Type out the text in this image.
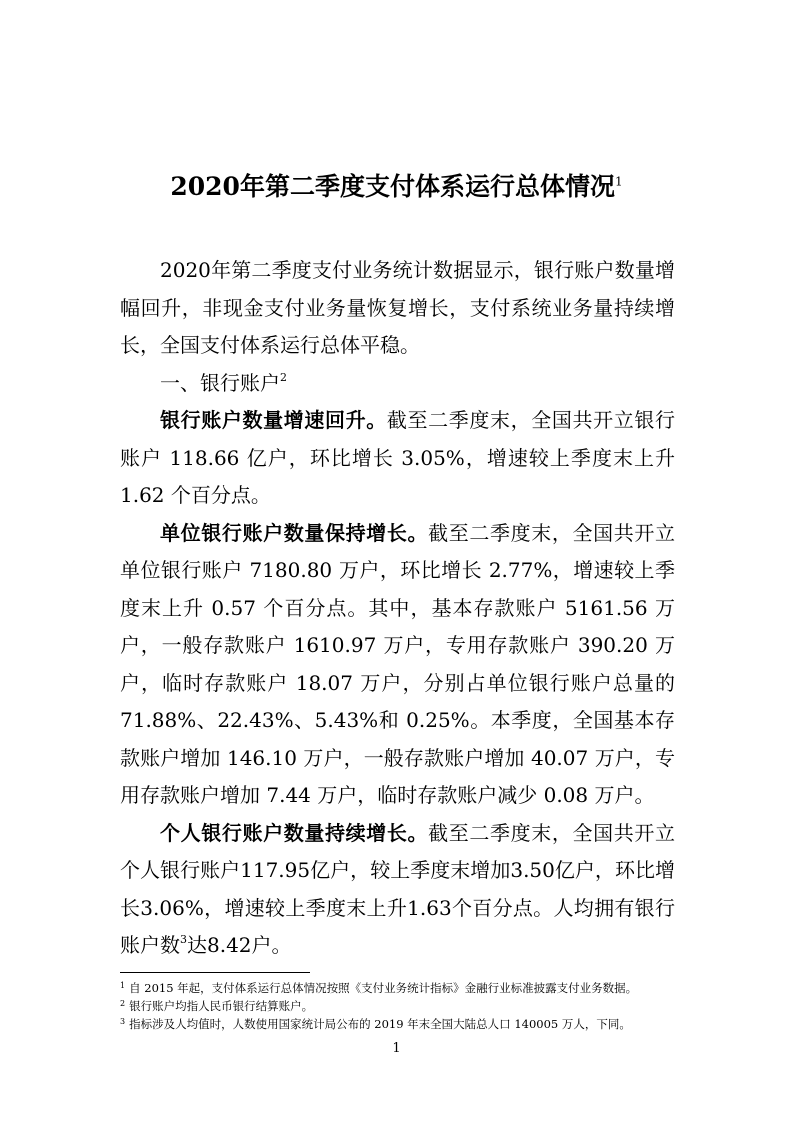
2020年第二季度支付体系运行总体情况$^1$

2020年第二季度支付业务统计数据显示，银行账户数量增幅回升，非现金支付业务量恢复增长，支付系统业务量持续增长，全国支付体系运行总体平稳。

一、银行账户$^2$

银行账户数量增速回升。截至二季度末，全国共开立银行账户 118.66 亿户，环比增长 3.05%，增速较上季度末上升 1.62 个百分点。

单位银行账户数量保持增长。截至二季度末，全国共开立单位银行账户 7180.80 万户，环比增长 2.77%，增速较上季度末上升 0.57 个百分点。其中，基本存款账户 5161.56 万户，一般存款账户 1610.97 万户，专用存款账户 390.20 万户，临时存款账户 18.07 万户，分别占单位银行账户总量的 71.88%、22.43%、5.43%和 0.25%。本季度，全国基本存款账户增加 146.10 万户，一般存款账户增加 40.07 万户，专用存款账户增加 7.44 万户，临时存款账户减少 0.08 万户。

个人银行账户数量持续增长。截至二季度末，全国共开立个人银行账户117.95亿户，较上季度末增加3.50亿户，环比增长3.06%，增速较上季度末上升1.63个百分点。人均拥有银行账户数$^3$达8.42户。

$^1$ 自 2015 年起，支付体系运行总体情况按照《支付业务统计指标》金融行业标准披露支付业务数据。
$^2$ 银行账户均指人民币银行结算账户。
$^3$ 指标涉及人均值时，人数使用国家统计局公布的 2019 年末全国大陆总人口 140005 万人，下同。
1
